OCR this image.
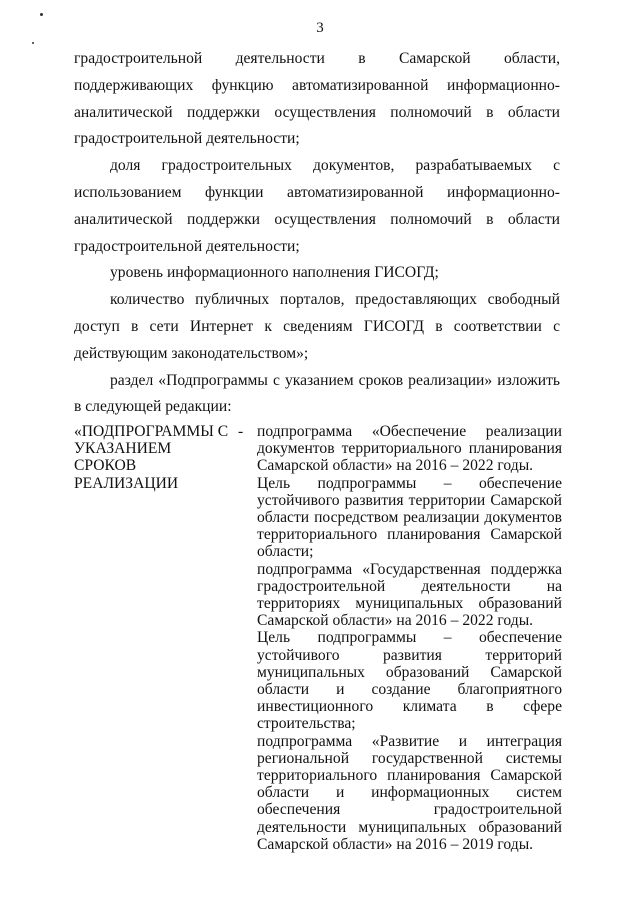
3

градостроительной деятельности в Самарской области, поддерживающих функцию автоматизированной информационно-аналитической поддержки осуществления полномочий в области градостроительной деятельности;

доля градостроительных документов, разрабатываемых с использованием функции автоматизированной информационно-аналитической поддержки осуществления полномочий в области градостроительной деятельности;

уровень информационного наполнения ГИСОГД;

количество публичных порталов, предоставляющих свободный доступ в сети Интернет к сведениям ГИСОГД в соответствии с действующим законодательством»;

раздел «Подпрограммы с указанием сроков реализации» изложить в следующей редакции:

«ПОДПРОГРАММЫ С
УКАЗАНИЕМ
СРОКОВ
РЕАЛИЗАЦИИ
- подпрограмма «Обеспечение реализации документов территориального планирования Самарской области» на 2016 – 2022 годы.

Цель подпрограммы – обеспечение устойчивого развития территории Самарской области посредством реализации документов территориального планирования Самарской области;

подпрограмма «Государственная поддержка градостроительной деятельности на территориях муниципальных образований Самарской области» на 2016 – 2022 годы.

Цель подпрограммы – обеспечение устойчивого развития территорий муниципальных образований Самарской области и создание благоприятного инвестиционного климата в сфере строительства;

подпрограмма «Развитие и интеграция региональной государственной системы территориального планирования Самарской области и информационных систем обеспечения градостроительной деятельности муниципальных образований Самарской области» на 2016 – 2019 годы.
